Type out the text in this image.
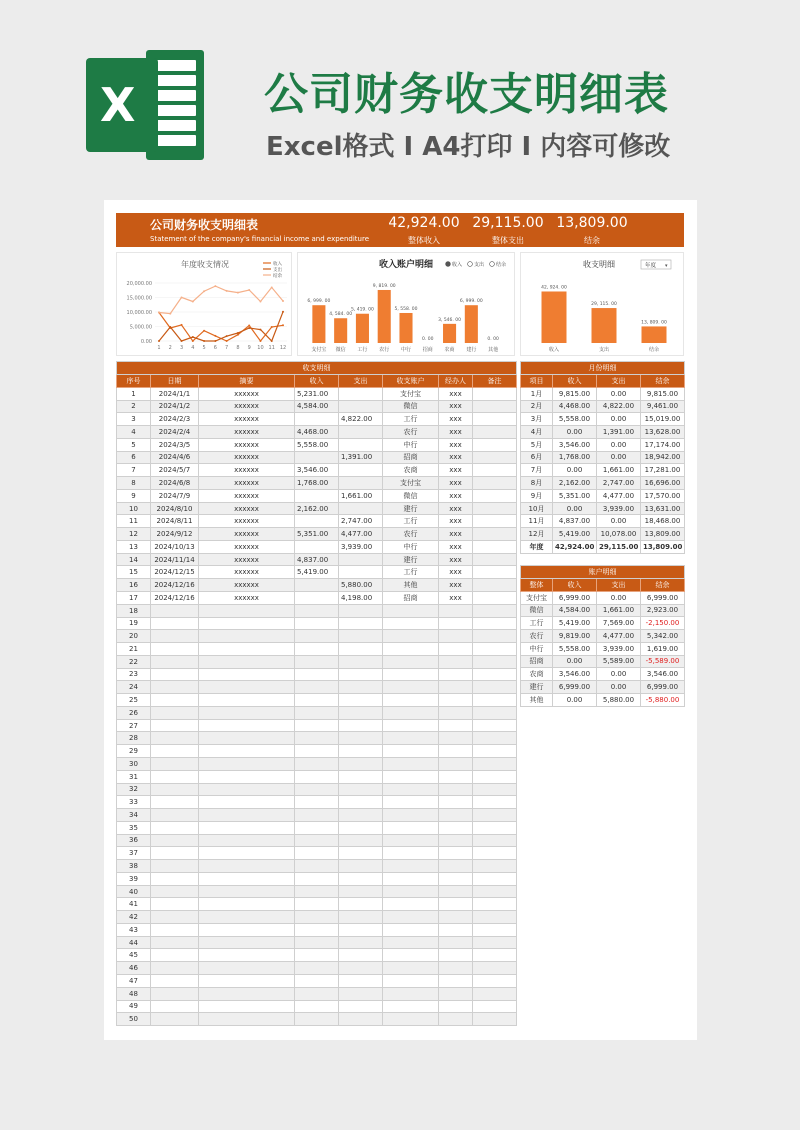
X	公司财务收支明细表
Excel格式 Ⅰ A4打印 Ⅰ 内容可修改
公司财务收支明细表
Statement of the company's financial income and expenditure
42,924.00
整体收入
29,115.00
整体支出
13,809.00
结余
年度收支情况
20,000.00
15,000.00
10,000.00
5,000.00
0.00
1 2 3 4 5 6 7 8 9 10 11 12
收入
支出
结余
收入账户明细	收入 支出 结余
6, 999. 00
支付宝
4, 584. 00
微信
5, 419. 00
工行
9, 819. 00
农行
5, 558. 00
中行
0. 00
招商
3, 546. 00
农商
6, 999. 00
建行
0. 00
其他
收支明细	年度 ▾
42, 924. 00
收入
29, 115. 00
支出
13, 809. 00
结余
收支明细							
序号	日期	摘要	收入	支出	收支账户	经办人	备注
1	2024/1/1	xxxxxx	5,231.00		支付宝	xxx	
2	2024/1/2	xxxxxx	4,584.00		微信	xxx	
3	2024/2/3	xxxxxx		4,822.00	工行	xxx	
4	2024/2/4	xxxxxx	4,468.00		农行	xxx	
5	2024/3/5	xxxxxx	5,558.00		中行	xxx	
6	2024/4/6	xxxxxx		1,391.00	招商	xxx	
7	2024/5/7	xxxxxx	3,546.00		农商	xxx	
8	2024/6/8	xxxxxx	1,768.00		支付宝	xxx	
9	2024/7/9	xxxxxx		1,661.00	微信	xxx	
10	2024/8/10	xxxxxx	2,162.00		建行	xxx	
11	2024/8/11	xxxxxx		2,747.00	工行	xxx	
12	2024/9/12	xxxxxx	5,351.00	4,477.00	农行	xxx	
13	2024/10/13	xxxxxx		3,939.00	中行	xxx	
14	2024/11/14	xxxxxx	4,837.00		建行	xxx	
15	2024/12/15	xxxxxx	5,419.00		工行	xxx	
16	2024/12/16	xxxxxx		5,880.00	其他	xxx	
17	2024/12/16	xxxxxx		4,198.00	招商	xxx	
18							
19							
20							
21							
22							
23							
24							
25							
26							
27							
28							
29							
30							
31							
32							
33							
34							
35							
36							
37							
38							
39							
40							
41							
42							
43							
44							
45							
46							
47							
48							
49							
50							
月份明细			
项目	收入	支出	结余
1月	9,815.00	0.00	9,815.00
2月	4,468.00	4,822.00	9,461.00
3月	5,558.00	0.00	15,019.00
4月	0.00	1,391.00	13,628.00
5月	3,546.00	0.00	17,174.00
6月	1,768.00	0.00	18,942.00
7月	0.00	1,661.00	17,281.00
8月	2,162.00	2,747.00	16,696.00
9月	5,351.00	4,477.00	17,570.00
10月	0.00	3,939.00	13,631.00
11月	4,837.00	0.00	18,468.00
12月	5,419.00	10,078.00	13,809.00
年度	42,924.00	29,115.00	13,809.00
账户明细			
整体	收入	支出	结余
支付宝	6,999.00	0.00	6,999.00
微信	4,584.00	1,661.00	2,923.00
工行	5,419.00	7,569.00	-2,150.00
农行	9,819.00	4,477.00	5,342.00
中行	5,558.00	3,939.00	1,619.00
招商	0.00	5,589.00	-5,589.00
农商	3,546.00	0.00	3,546.00
建行	6,999.00	0.00	6,999.00
其他	0.00	5,880.00	-5,880.00
